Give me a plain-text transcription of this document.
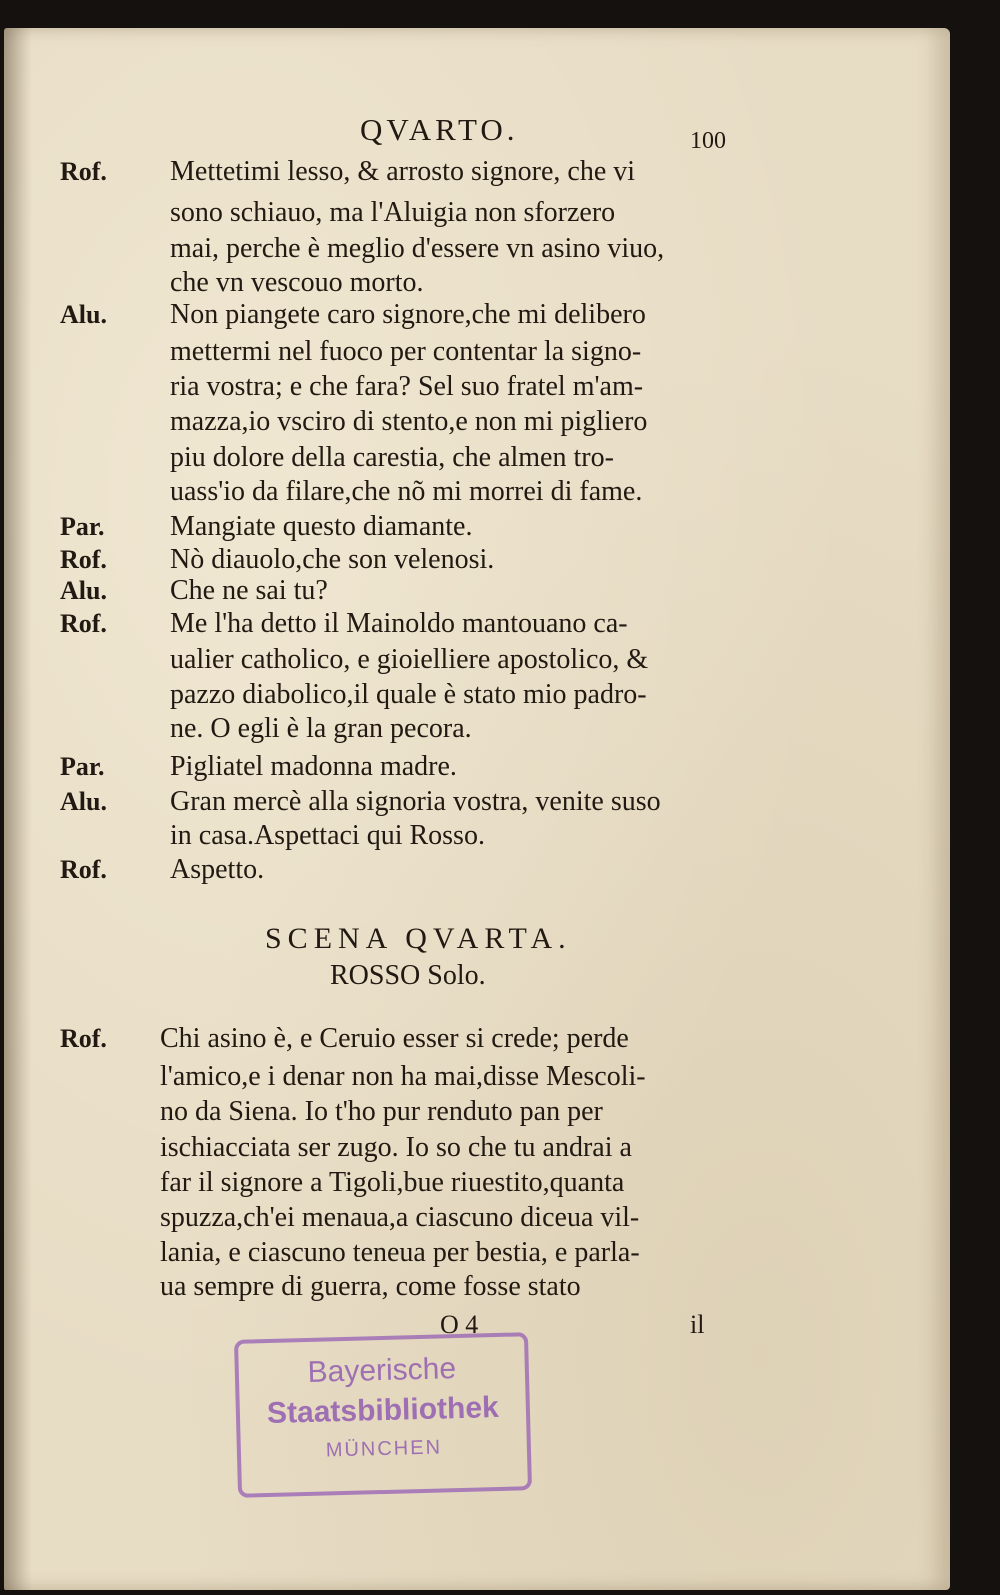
QVARTO.	100
Rof. Mettetimi lesso, & arrosto signore, che vi
sono schiauo, ma l'Aluigia non sforzero
mai, perche è meglio d'essere vn asino viuo,
che vn vescouo morto.
Alu. Non piangete caro signore,che mi delibero
mettermi nel fuoco per contentar la signo-
ria vostra; e che fara? Sel suo fratel m'am-
mazza,io vsciro di stento,e non mi pigliero
piu dolore della carestia, che almen tro-
uass'io da filare,che nõ mi morrei di fame.
Par. Mangiate questo diamante.
Rof. Nò diauolo,che son velenosi.
Alu. Che ne sai tu?
Rof. Me l'ha detto il Mainoldo mantouano ca-
ualier catholico, e gioielliere apostolico, &
pazzo diabolico,il quale è stato mio padro-
ne. O egli è la gran pecora.
Par. Pigliatel madonna madre.
Alu. Gran mercè alla signoria vostra, venite suso
in casa.Aspettaci qui Rosso.
Rof. Aspetto.
SCENA QVARTA.
ROSSO Solo.
Rof. Chi asino è, e Ceruio esser si crede; perde
l'amico,e i denar non ha mai,disse Mescoli-
no da Siena. Io t'ho pur renduto pan per
ischiacciata ser zugo. Io so che tu andrai a
far il signore a Tigoli,bue riuestito,quanta
spuzza,ch'ei menaua,a ciascuno diceua vil-
lania, e ciascuno teneua per bestia, e parla-
ua sempre di guerra, come fosse stato
O 4	il
Bayerische
Staatsbibliothek
MÜNCHEN
